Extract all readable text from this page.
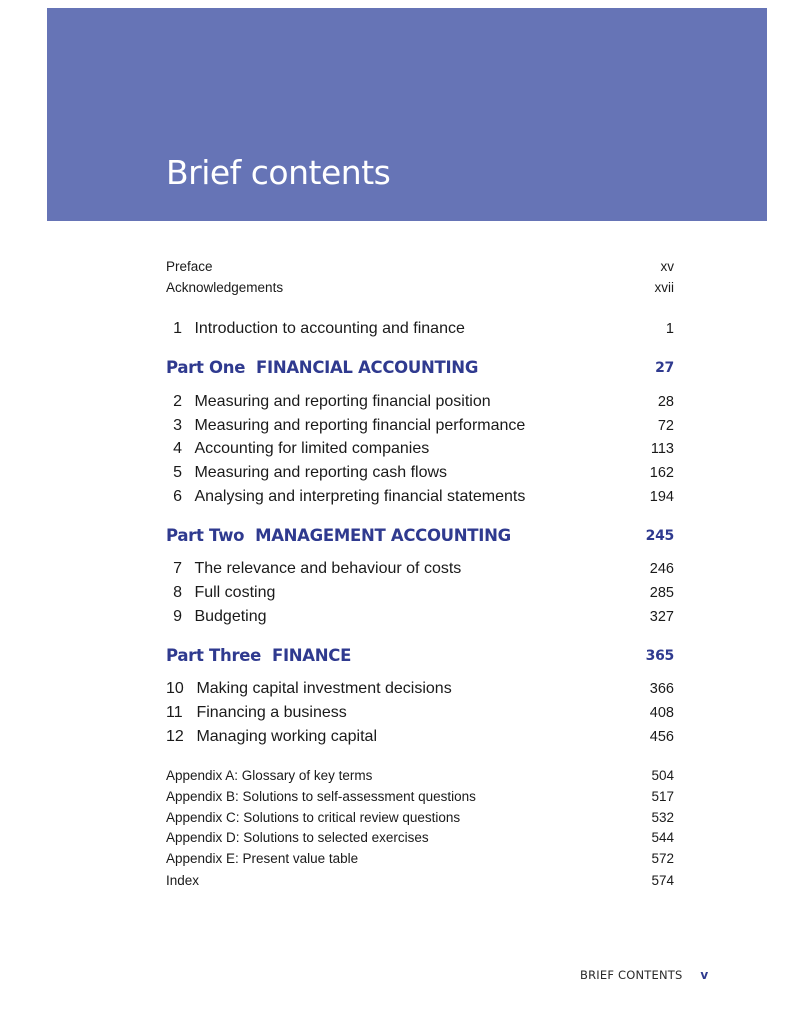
Brief contents
Preface	xv
Acknowledgements	xvii
1 Introduction to accounting and finance	1
Part One FINANCIAL ACCOUNTING	27
2 Measuring and reporting financial position	28
3 Measuring and reporting financial performance	72
4 Accounting for limited companies	113
5 Measuring and reporting cash flows	162
6 Analysing and interpreting financial statements	194
Part Two MANAGEMENT ACCOUNTING	245
7 The relevance and behaviour of costs	246
8 Full costing	285
9 Budgeting	327
Part Three FINANCE	365
10 Making capital investment decisions	366
11 Financing a business	408
12 Managing working capital	456
Appendix A: Glossary of key terms	504
Appendix B: Solutions to self-assessment questions	517
Appendix C: Solutions to critical review questions	532
Appendix D: Solutions to selected exercises	544
Appendix E: Present value table	572
Index	574
BRIEF CONTENTS v
